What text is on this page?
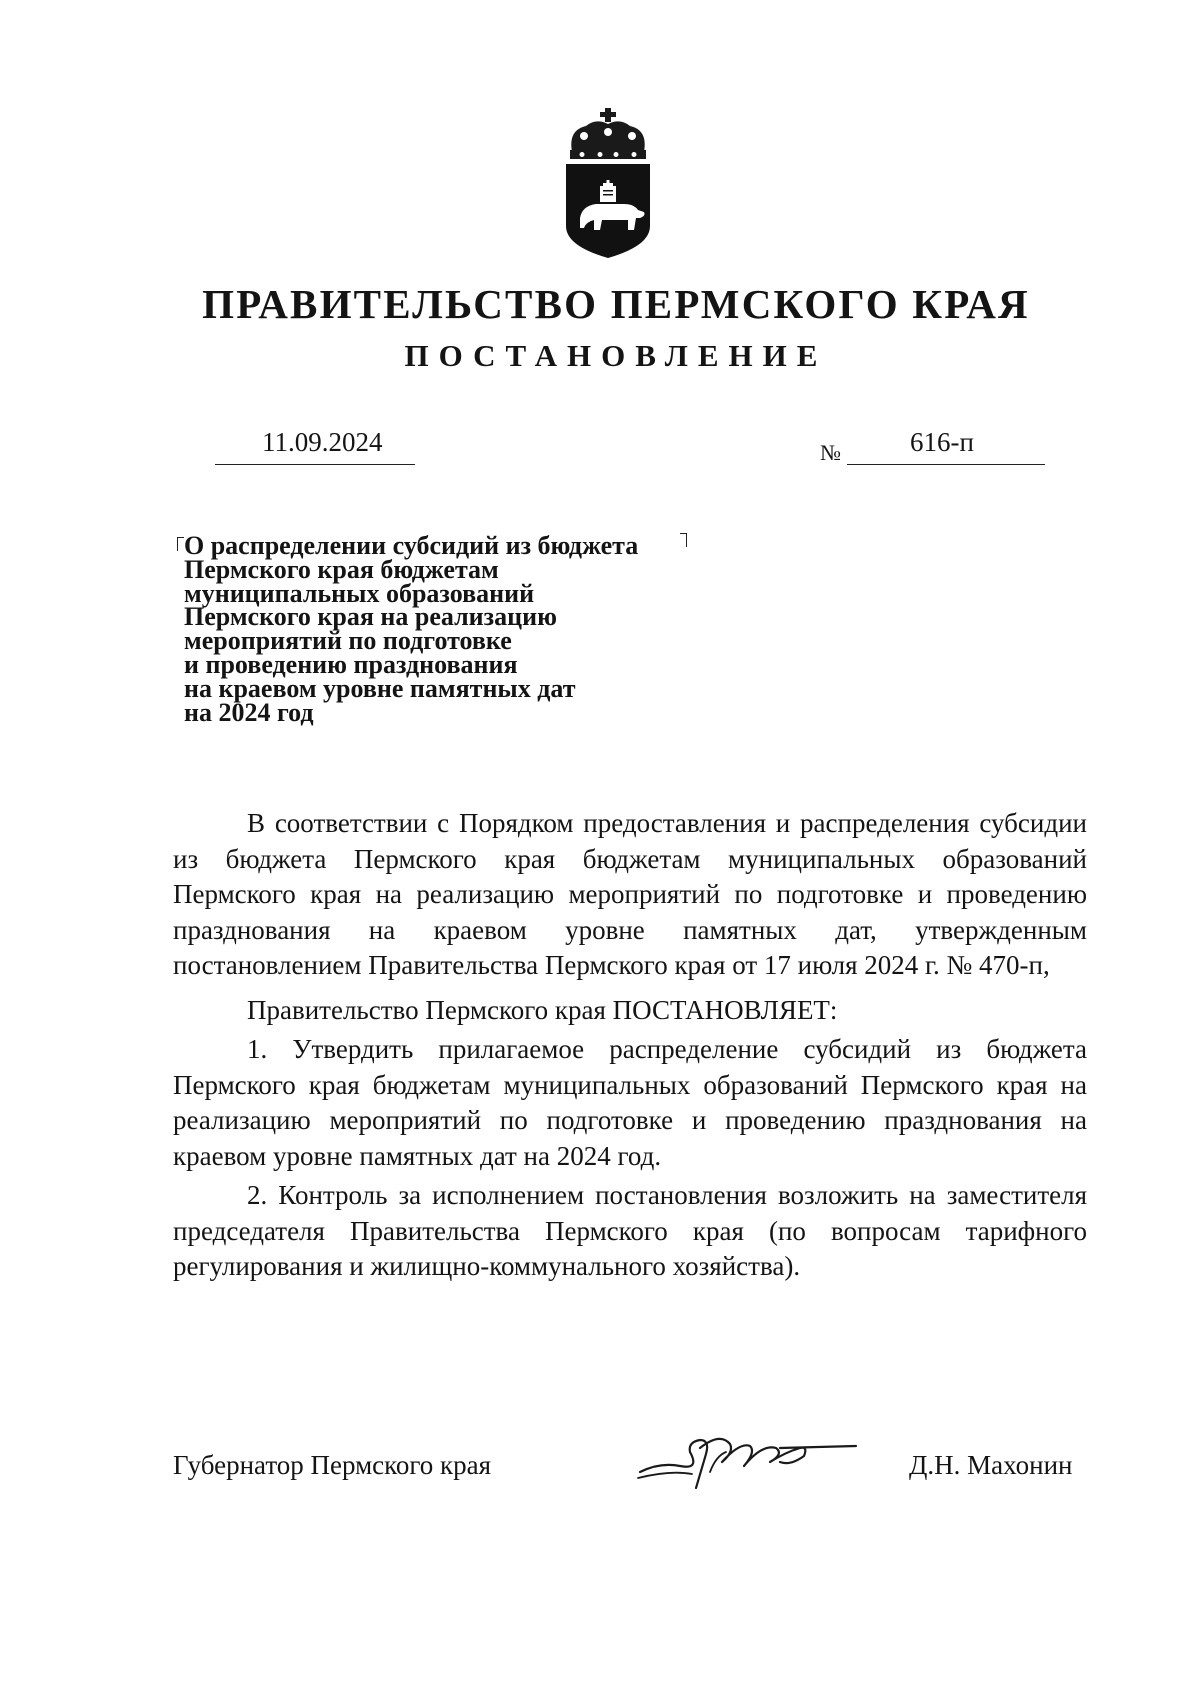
ПРАВИТЕЛЬСТВО ПЕРМСКОГО КРАЯ
ПОСТАНОВЛЕНИЕ
11.09.2024	№	616-п
О распределении субсидий из бюджета
Пермского края бюджетам
муниципальных образований
Пермского края на реализацию
мероприятий по подготовке
и проведению празднования
на краевом уровне памятных дат
на 2024 год

В соответствии с Порядком предоставления и распределения субсидии из бюджета Пермского края бюджетам муниципальных образований Пермского края на реализацию мероприятий по подготовке и проведению празднования на краевом уровне памятных дат, утвержденным постановлением Правительства Пермского края от 17 июля 2024 г. № 470-п,

Правительство Пермского края ПОСТАНОВЛЯЕТ:

1. Утвердить прилагаемое распределение субсидий из бюджета Пермского края бюджетам муниципальных образований Пермского края на реализацию мероприятий по подготовке и проведению празднования на краевом уровне памятных дат на 2024 год.

2. Контроль за исполнением постановления возложить на заместителя председателя Правительства Пермского края (по вопросам тарифного регулирования и жилищно-коммунального хозяйства).

Губернатор Пермского края	Д.Н. Махонин
